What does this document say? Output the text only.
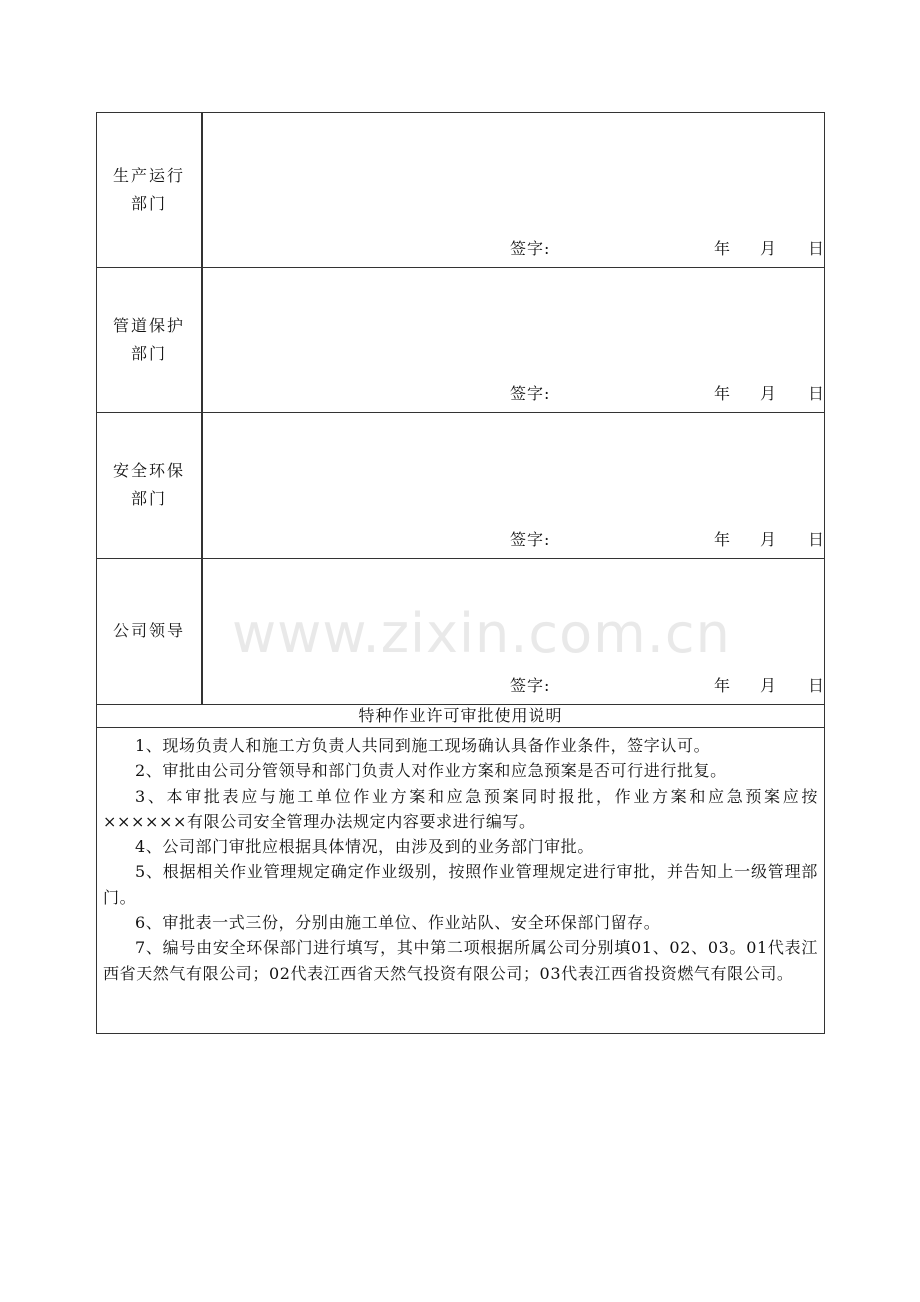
生产运行
部门
签字:	年 月 日
管道保护
部门
签字:	年 月 日
安全环保
部门
签字:	年 月 日
公司领导
签字:	年 月 日
特种作业许可审批使用说明

1、现场负责人和施工方负责人共同到施工现场确认具备作业条件，签字认可。

2、审批由公司分管领导和部门负责人对作业方案和应急预案是否可行进行批复。

3、本审批表应与施工单位作业方案和应急预案同时报批，作业方案和应急预案应按××××××有限公司安全管理办法规定内容要求进行编写。

4、公司部门审批应根据具体情况，由涉及到的业务部门审批。

5、根据相关作业管理规定确定作业级别，按照作业管理规定进行审批，并告知上一级管理部门。

6、审批表一式三份，分别由施工单位、作业站队、安全环保部门留存。

7、编号由安全环保部门进行填写，其中第二项根据所属公司分别填01、02、03。01代表江西省天然气有限公司；02代表江西省天然气投资有限公司；03代表江西省投资燃气有限公司。

www.zixin.com.cn
